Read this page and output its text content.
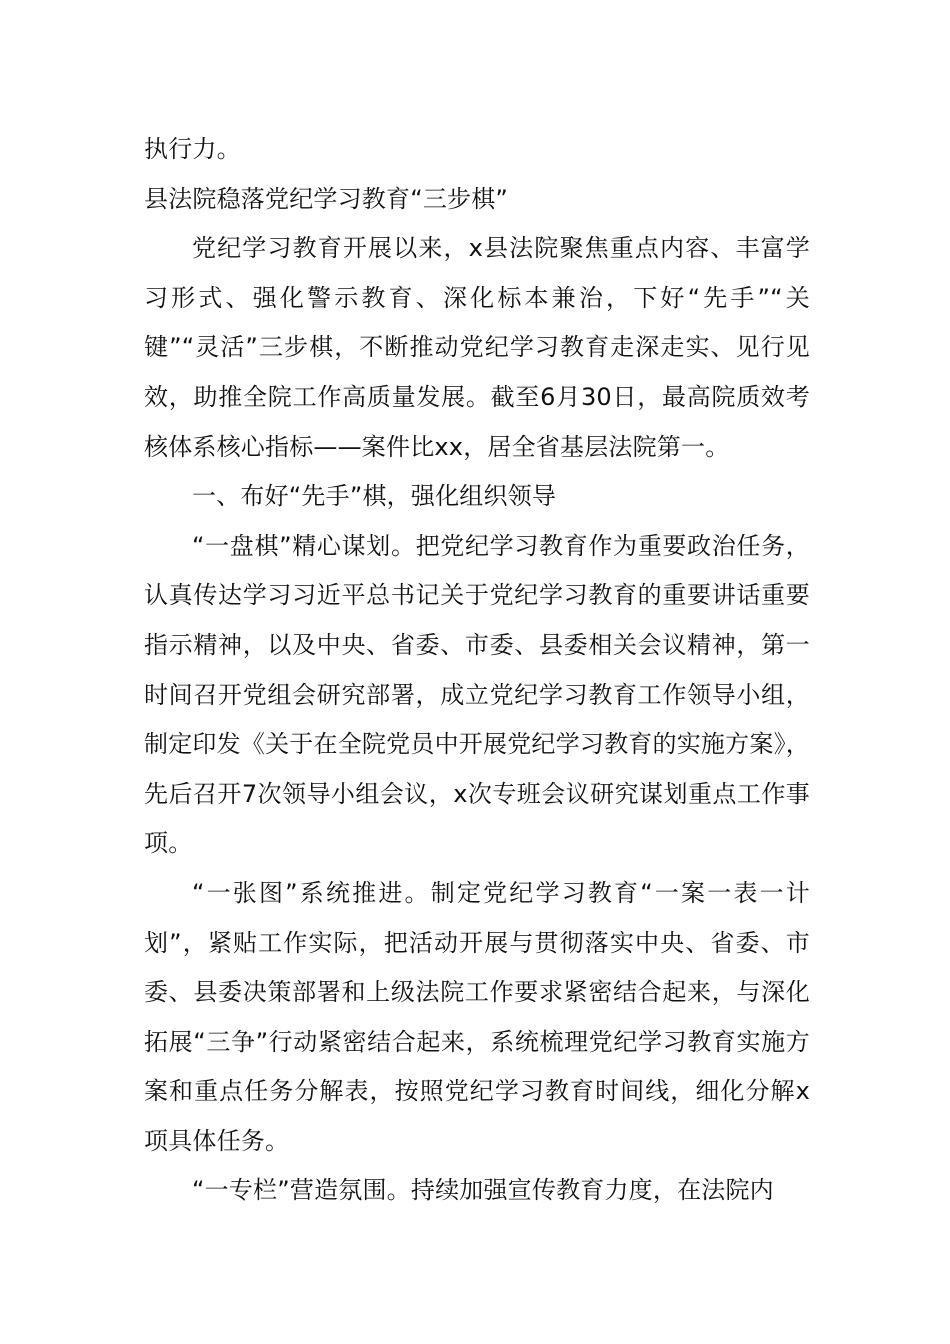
执行力。

县法院稳落党纪学习教育“三步棋”

党纪学习教育开展以来，x县法院聚焦重点内容、丰富学习形式、强化警示教育、深化标本兼治，下好“先手”“关键”“灵活”三步棋，不断推动党纪学习教育走深走实、见行见效，助推全院工作高质量发展。截至6月30日，最高院质效考核体系核心指标——案件比xx，居全省基层法院第一。

一、布好“先手”棋，强化组织领导

“一盘棋”精心谋划。把党纪学习教育作为重要政治任务，认真传达学习习近平总书记关于党纪学习教育的重要讲话重要指示精神，以及中央、省委、市委、县委相关会议精神，第一时间召开党组会研究部署，成立党纪学习教育工作领导小组，制定印发《关于在全院党员中开展党纪学习教育的实施方案》，先后召开7次领导小组会议，x次专班会议研究谋划重点工作事项。

“一张图”系统推进。制定党纪学习教育“一案一表一计划”，紧贴工作实际，把活动开展与贯彻落实中央、省委、市委、县委决策部署和上级法院工作要求紧密结合起来，与深化拓展“三争”行动紧密结合起来，系统梳理党纪学习教育实施方案和重点任务分解表，按照党纪学习教育时间线，细化分解x项具体任务。

“一专栏”营造氛围。持续加强宣传教育力度，在法院内
